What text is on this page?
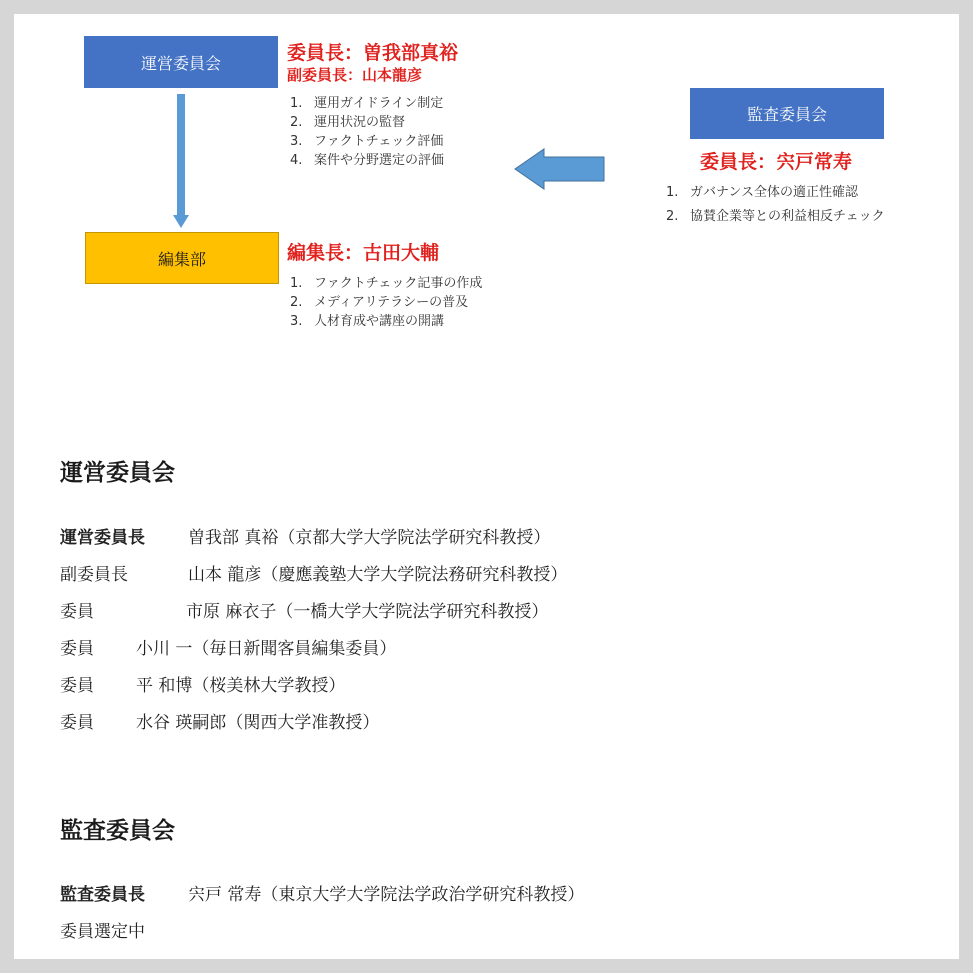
運営委員会	委員長：曽我部真裕
副委員長：山本龍彦
1. 運用ガイドライン制定
2. 運用状況の監督
3. ファクトチェック評価
4. 案件や分野選定の評価
編集部	編集長：古田大輔
1. ファクトチェック記事の作成
2. メディアリテラシーの普及
3. 人材育成や講座の開講
監査委員会
委員長：宍戸常寿
1. ガバナンス全体の適正性確認
2. 協賛企業等との利益相反チェック
運営委員会
運営委員長	曽我部 真裕（京都大学大学院法学研究科教授）
副委員長	山本 龍彦（慶應義塾大学大学院法務研究科教授）
委員	市原 麻衣子（一橋大学大学院法学研究科教授）
委員 小川 一（毎日新聞客員編集委員）
委員 平 和博（桜美林大学教授）
委員 水谷 瑛嗣郎（関西大学准教授）
監査委員会
監査委員長	宍戸 常寿（東京大学大学院法学政治学研究科教授）
委員選定中
